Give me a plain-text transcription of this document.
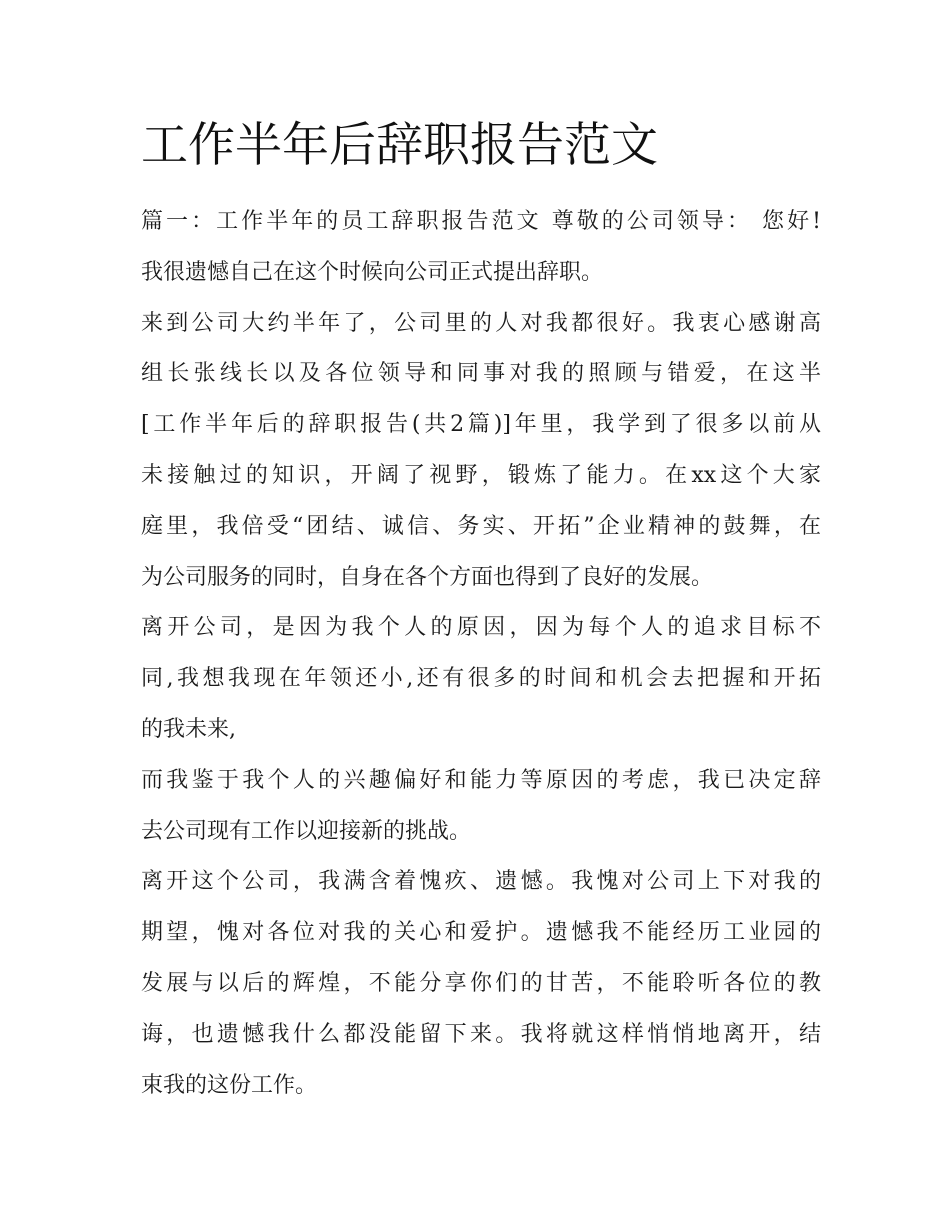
工作半年后辞职报告范文
篇一：工作半年的员工辞职报告范文 尊敬的公司领导： 您好!
我很遗憾自己在这个时候向公司正式提出辞职。
来到公司大约半年了，公司里的人对我都很好。我衷心感谢高
组长张线长以及各位领导和同事对我的照顾与错爱，在这半
[工作半年后的辞职报告(共2篇)]年里，我学到了很多以前从
未接触过的知识，开阔了视野，锻炼了能力。在xx这个大家
庭里，我倍受“团结、诚信、务实、开拓”企业精神的鼓舞，在
为公司服务的同时，自身在各个方面也得到了良好的发展。
离开公司，是因为我个人的原因，因为每个人的追求目标不
同,我想我现在年领还小,还有很多的时间和机会去把握和开拓
的我未来,
而我鉴于我个人的兴趣偏好和能力等原因的考虑，我已决定辞
去公司现有工作以迎接新的挑战。
离开这个公司，我满含着愧疚、遗憾。我愧对公司上下对我的
期望，愧对各位对我的关心和爱护。遗憾我不能经历工业园的
发展与以后的辉煌，不能分享你们的甘苦，不能聆听各位的教
诲，也遗憾我什么都没能留下来。我将就这样悄悄地离开，结
束我的这份工作。
